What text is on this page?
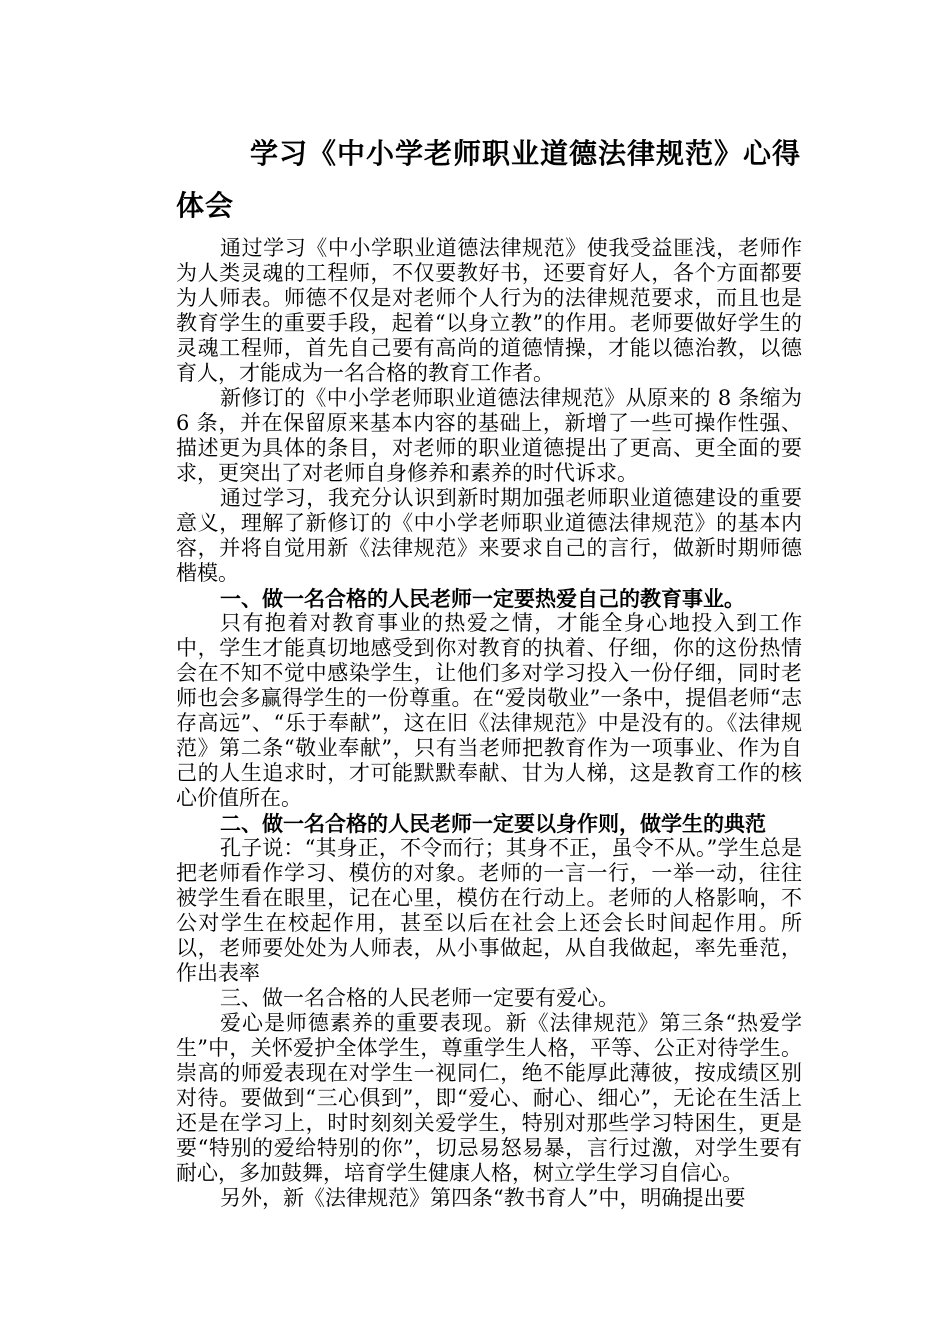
学习《中小学老师职业道德法律规范》心得体会

通过学习《中小学职业道德法律规范》使我受益匪浅，老师作为人类灵魂的工程师，不仅要教好书，还要育好人，各个方面都要为人师表。师德不仅是对老师个人行为的法律规范要求，而且也是教育学生的重要手段，起着“以身立教”的作用。老师要做好学生的灵魂工程师，首先自己要有高尚的道德情操，才能以德治教，以德育人，才能成为一名合格的教育工作者。

新修订的《中小学老师职业道德法律规范》从原来的 8 条缩为 6 条，并在保留原来基本内容的基础上，新增了一些可操作性强、描述更为具体的条目，对老师的职业道德提出了更高、更全面的要求，更突出了对老师自身修养和素养的时代诉求。

通过学习，我充分认识到新时期加强老师职业道德建设的重要意义，理解了新修订的《中小学老师职业道德法律规范》的基本内容，并将自觉用新《法律规范》来要求自己的言行，做新时期师德楷模。

一、做一名合格的人民老师一定要热爱自己的教育事业。

只有抱着对教育事业的热爱之情，才能全身心地投入到工作中，学生才能真切地感受到你对教育的执着、仔细，你的这份热情会在不知不觉中感染学生，让他们多对学习投入一份仔细，同时老师也会多赢得学生的一份尊重。在“爱岗敬业”一条中，提倡老师“志存高远”、“乐于奉献”，这在旧《法律规范》中是没有的。《法律规范》第二条“敬业奉献”，只有当老师把教育作为一项事业、作为自己的人生追求时，才可能默默奉献、甘为人梯，这是教育工作的核心价值所在。

二、做一名合格的人民老师一定要以身作则，做学生的典范

孔子说：“其身正，不令而行；其身不正，虽令不从。”学生总是把老师看作学习、模仿的对象。老师的一言一行，一举一动，往往被学生看在眼里，记在心里，模仿在行动上。老师的人格影响，不公对学生在校起作用，甚至以后在社会上还会长时间起作用。所以，老师要处处为人师表，从小事做起，从自我做起，率先垂范，作出表率

三、做一名合格的人民老师一定要有爱心。

爱心是师德素养的重要表现。新《法律规范》第三条“热爱学生”中，关怀爱护全体学生，尊重学生人格，平等、公正对待学生。崇高的师爱表现在对学生一视同仁，绝不能厚此薄彼，按成绩区别对待。要做到“三心俱到”，即“爱心、耐心、细心”，无论在生活上还是在学习上，时时刻刻关爱学生，特别对那些学习特困生，更是要“特别的爱给特别的你”，切忌易怒易暴，言行过激，对学生要有耐心，多加鼓舞，培育学生健康人格，树立学生学习自信心。

另外，新《法律规范》第四条“教书育人”中，明确提出要
